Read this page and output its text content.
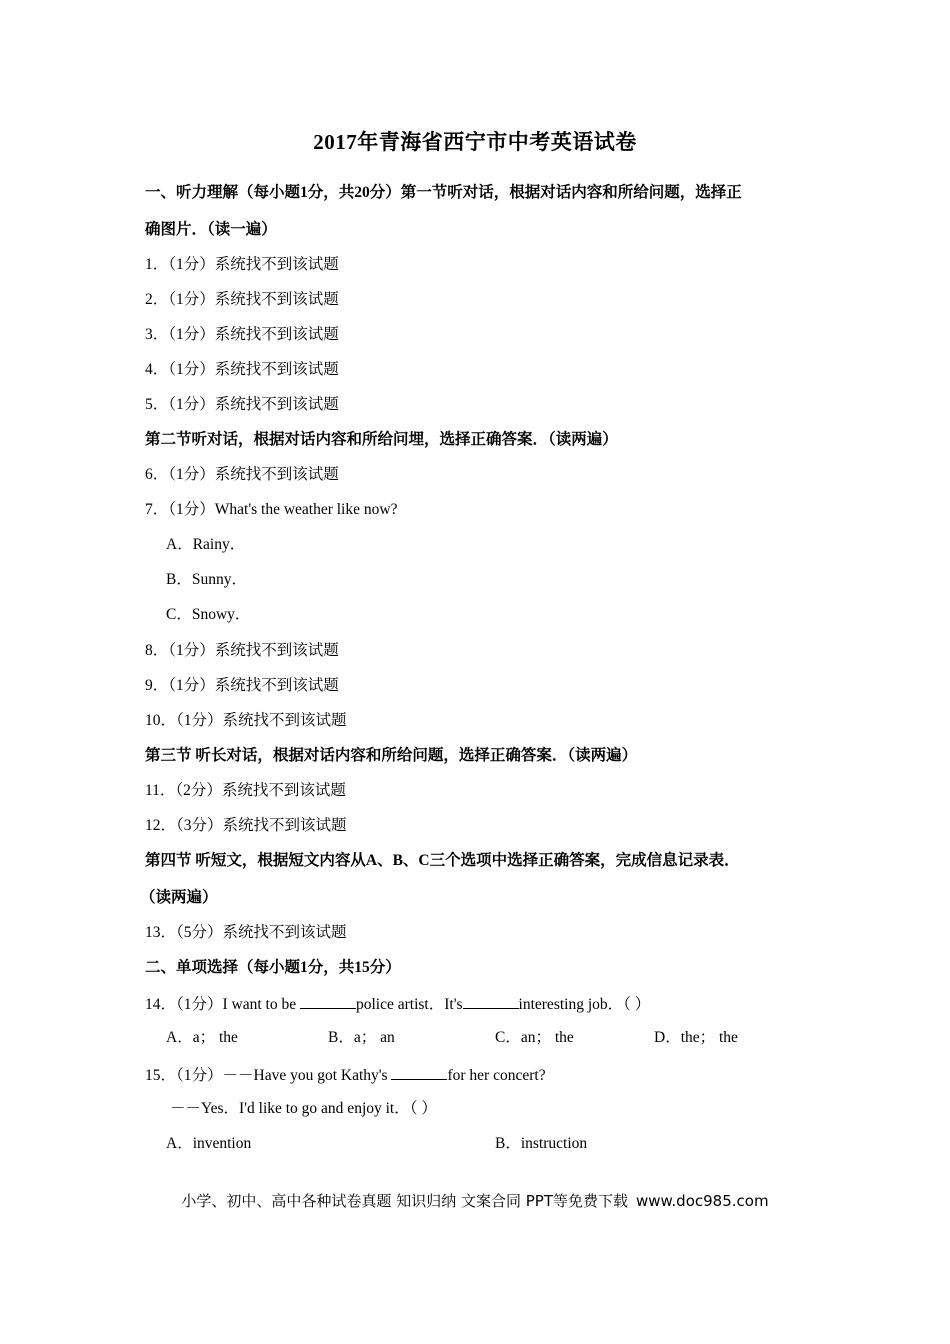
2017年青海省西宁市中考英语试卷
一、听力理解（每小题1分，共20分）第一节听对话，根据对话内容和所给问题，选择正
确图片．（读一遍）
1．（1分）系统找不到该试题
2．（1分）系统找不到该试题
3．（1分）系统找不到该试题
4．（1分）系统找不到该试题
5．（1分）系统找不到该试题
第二节听对话，根据对话内容和所给问埋，选择正确答案．（读两遍）
6．（1分）系统找不到该试题
7．（1分）What's the weather like now?
A．Rainy．
B．Sunny．
C．Snowy．
8．（1分）系统找不到该试题
9．（1分）系统找不到该试题
10．（1分）系统找不到该试题
第三节 听长对话，根据对话内容和所给问题，选择正确答案．（读两遍）
11．（2分）系统找不到该试题
12．（3分）系统找不到该试题
第四节 听短文，根据短文内容从A、B、C三个选项中选择正确答案，完成信息记录表．
（读两遍）
13．（5分）系统找不到该试题
二、单项选择（每小题1分，共15分）
14．（1分）I want to be	police artist．It's	interesting job．（ ）
A．a； the	B．a； an	C．an； the	D．the； the
15．（1分）－－Have you got Kathy's	for her concert?
－－Yes．I'd like to go and enjoy it．（ ）
A．invention	B．instruction
小学、初中、高中各种试卷真题 知识归纳 文案合同 PPT等免费下载 www.doc985.com
